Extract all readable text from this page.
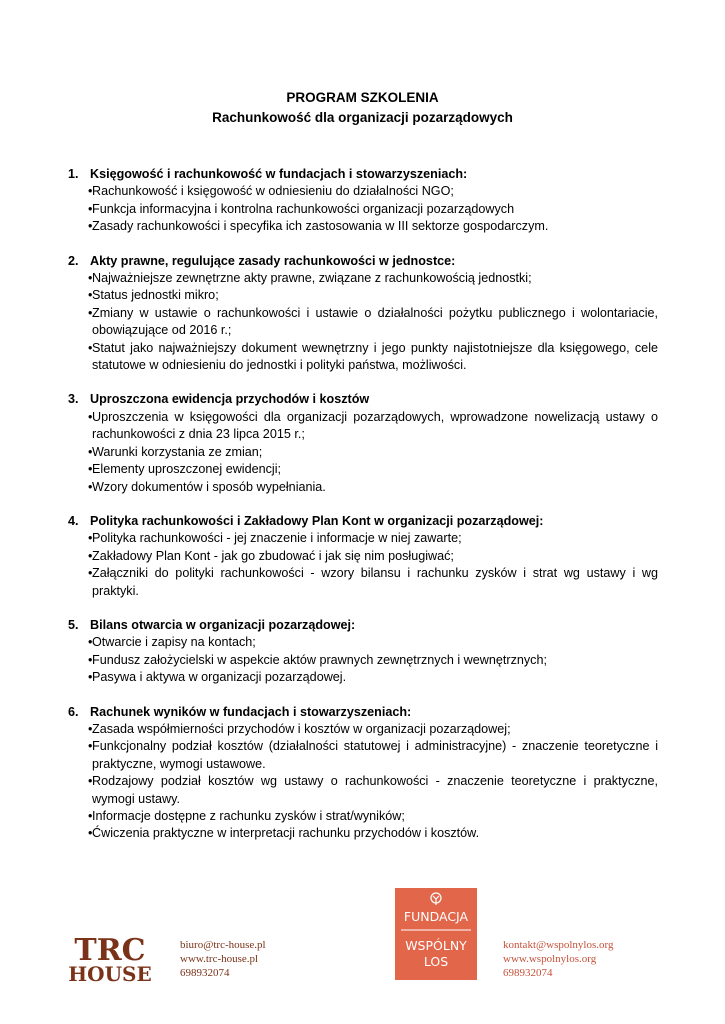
PROGRAM SZKOLENIA
Rachunkowość dla organizacji pozarządowych
1. Księgowość i rachunkowość w fundacjach i stowarzyszeniach:
• Rachunkowość i księgowość w odniesieniu do działalności NGO;
• Funkcja informacyjna i kontrolna rachunkowości organizacji pozarządowych
• Zasady rachunkowości i specyfika ich zastosowania w III sektorze gospodarczym.
2. Akty prawne, regulujące zasady rachunkowości w jednostce:
• Najważniejsze zewnętrzne akty prawne, związane z rachunkowością jednostki;
• Status jednostki mikro;
• Zmiany w ustawie o rachunkowości i ustawie o działalności pożytku publicznego i wolontariacie, obowiązujące od 2016 r.;
• Statut jako najważniejszy dokument wewnętrzny i jego punkty najistotniejsze dla księgowego, cele statutowe w odniesieniu do jednostki i polityki państwa, możliwości.
3. Uproszczona ewidencja przychodów i kosztów
• Uproszczenia w księgowości dla organizacji pozarządowych, wprowadzone nowelizacją ustawy o rachunkowości z dnia 23 lipca 2015 r.;
• Warunki korzystania ze zmian;
• Elementy uproszczonej ewidencji;
• Wzory dokumentów i sposób wypełniania.
4. Polityka rachunkowości i Zakładowy Plan Kont w organizacji pozarządowej:
• Polityka rachunkowości - jej znaczenie i informacje w niej zawarte;
• Zakładowy Plan Kont - jak go zbudować i jak się nim posługiwać;
• Załączniki do polityki rachunkowości - wzory bilansu i rachunku zysków i strat wg ustawy i wg praktyki.
5. Bilans otwarcia w organizacji pozarządowej:
• Otwarcie i zapisy na kontach;
• Fundusz założycielski w aspekcie aktów prawnych zewnętrznych i wewnętrznych;
• Pasywa i aktywa w organizacji pozarządowej.
6. Rachunek wyników w fundacjach i stowarzyszeniach:
• Zasada współmierności przychodów i kosztów w organizacji pozarządowej;
• Funkcjonalny podział kosztów (działalności statutowej i administracyjne) - znaczenie teoretyczne i praktyczne, wymogi ustawowe.
• Rodzajowy podział kosztów wg ustawy o rachunkowości - znaczenie teoretyczne i praktyczne, wymogi ustawy.
• Informacje dostępne z rachunku zysków i strat/wyników;
• Ćwiczenia praktyczne w interpretacji rachunku przychodów i kosztów.
TRC
HOUSE
biuro@trc-house.pl
www.trc-house.pl
698932074
FUNDACJA
WSPÓLNY
LOS
kontakt@wspolnylos.org
www.wspolnylos.org
698932074
